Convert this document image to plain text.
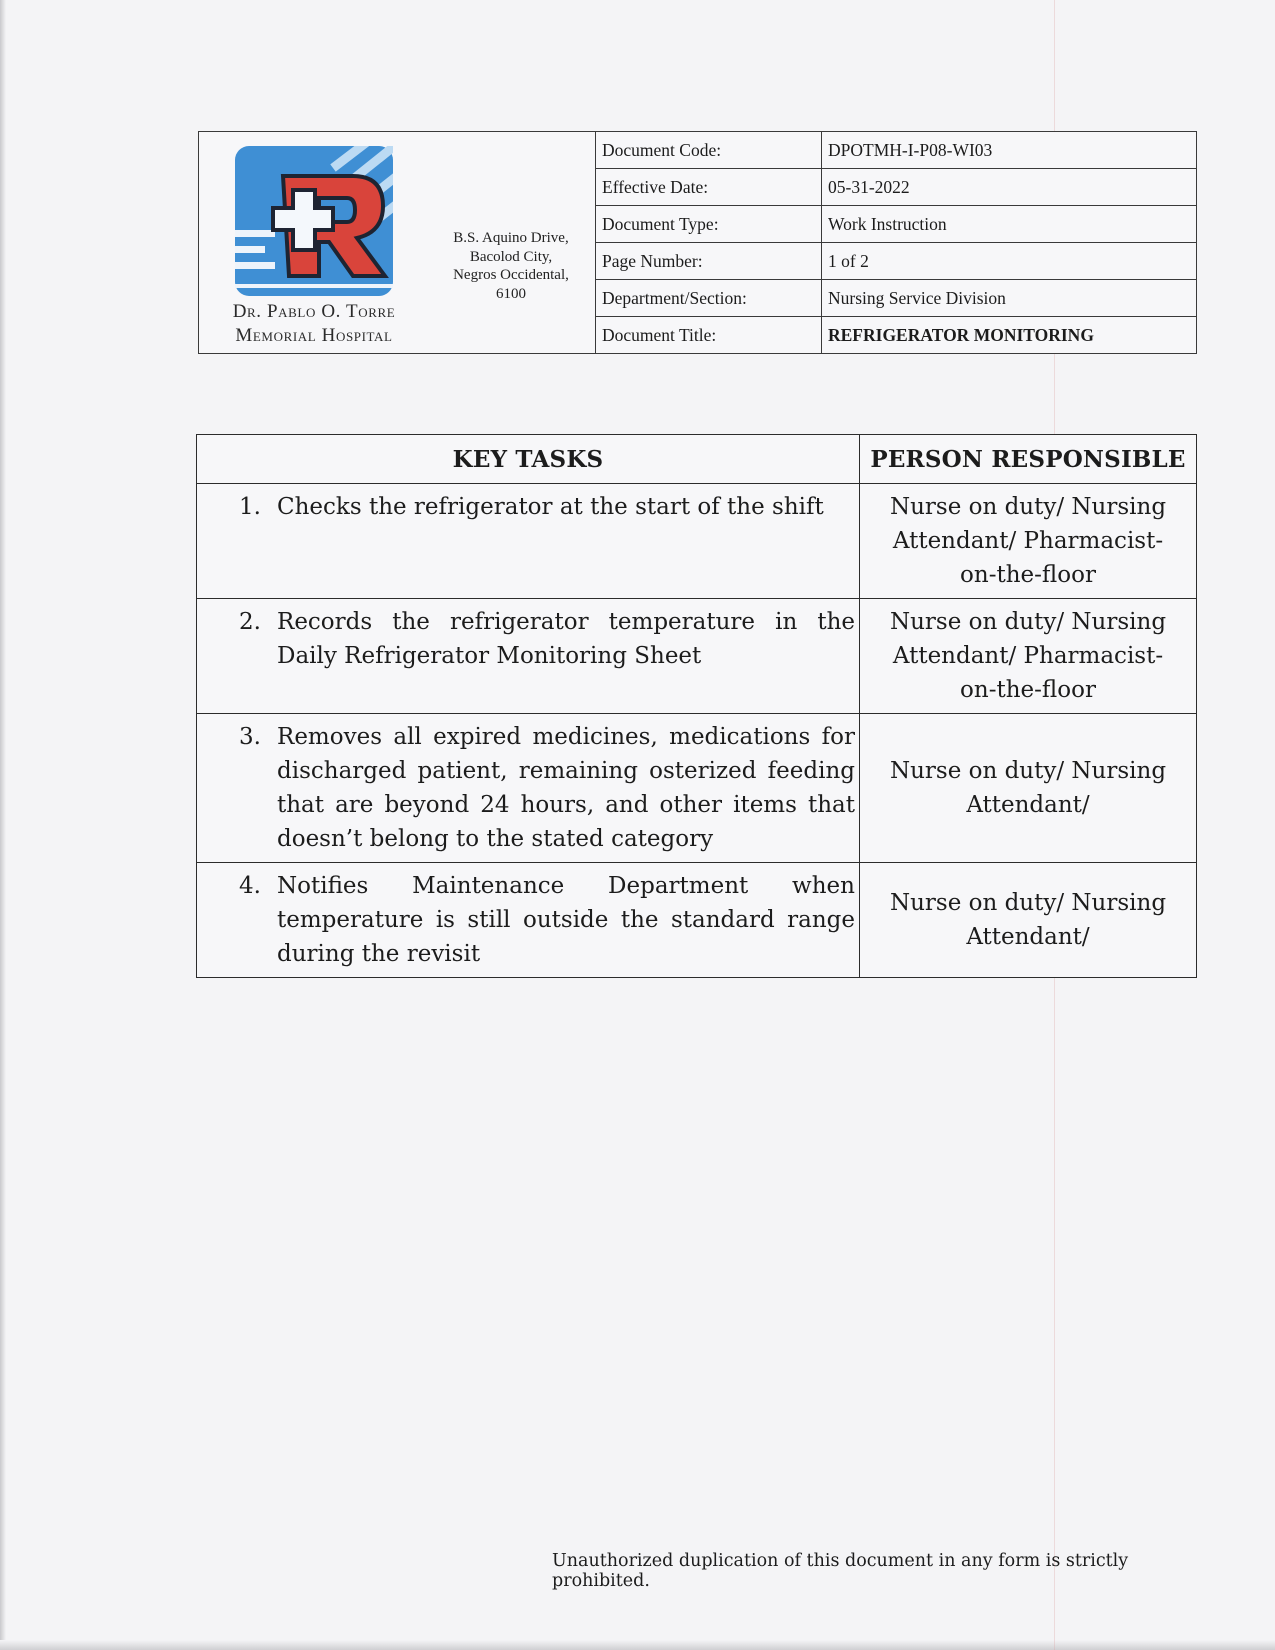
Dr. Pablo O. Torre
Memorial Hospital
B.S. Aquino Drive,
Bacolod City,
Negros Occidental,
6100
Document Code:	DPOTMH-I-P08-WI03
Effective Date:	05-31-2022
Document Type:	Work Instruction
Page Number:	1 of 2
Department/Section:	Nursing Service Division
Document Title:	REFRIGERATOR MONITORING
KEY TASKS	PERSON RESPONSIBLE

1. Checks the refrigerator at the start of the shift	Nurse on duty/ Nursing Attendant/ Pharmacist-on-the-floor

2. Records the refrigerator temperature in the Daily Refrigerator Monitoring Sheet	Nurse on duty/ Nursing Attendant/ Pharmacist-on-the-floor

3. Removes all expired medicines, medications for discharged patient, remaining osterized feeding that are beyond 24 hours, and other items that doesn’t belong to the stated category	Nurse on duty/ Nursing Attendant/

4. Notifies Maintenance Department when temperature is still outside the standard range during the revisit	Nurse on duty/ Nursing Attendant/
Unauthorized duplication of this document in any form is strictly prohibited.
